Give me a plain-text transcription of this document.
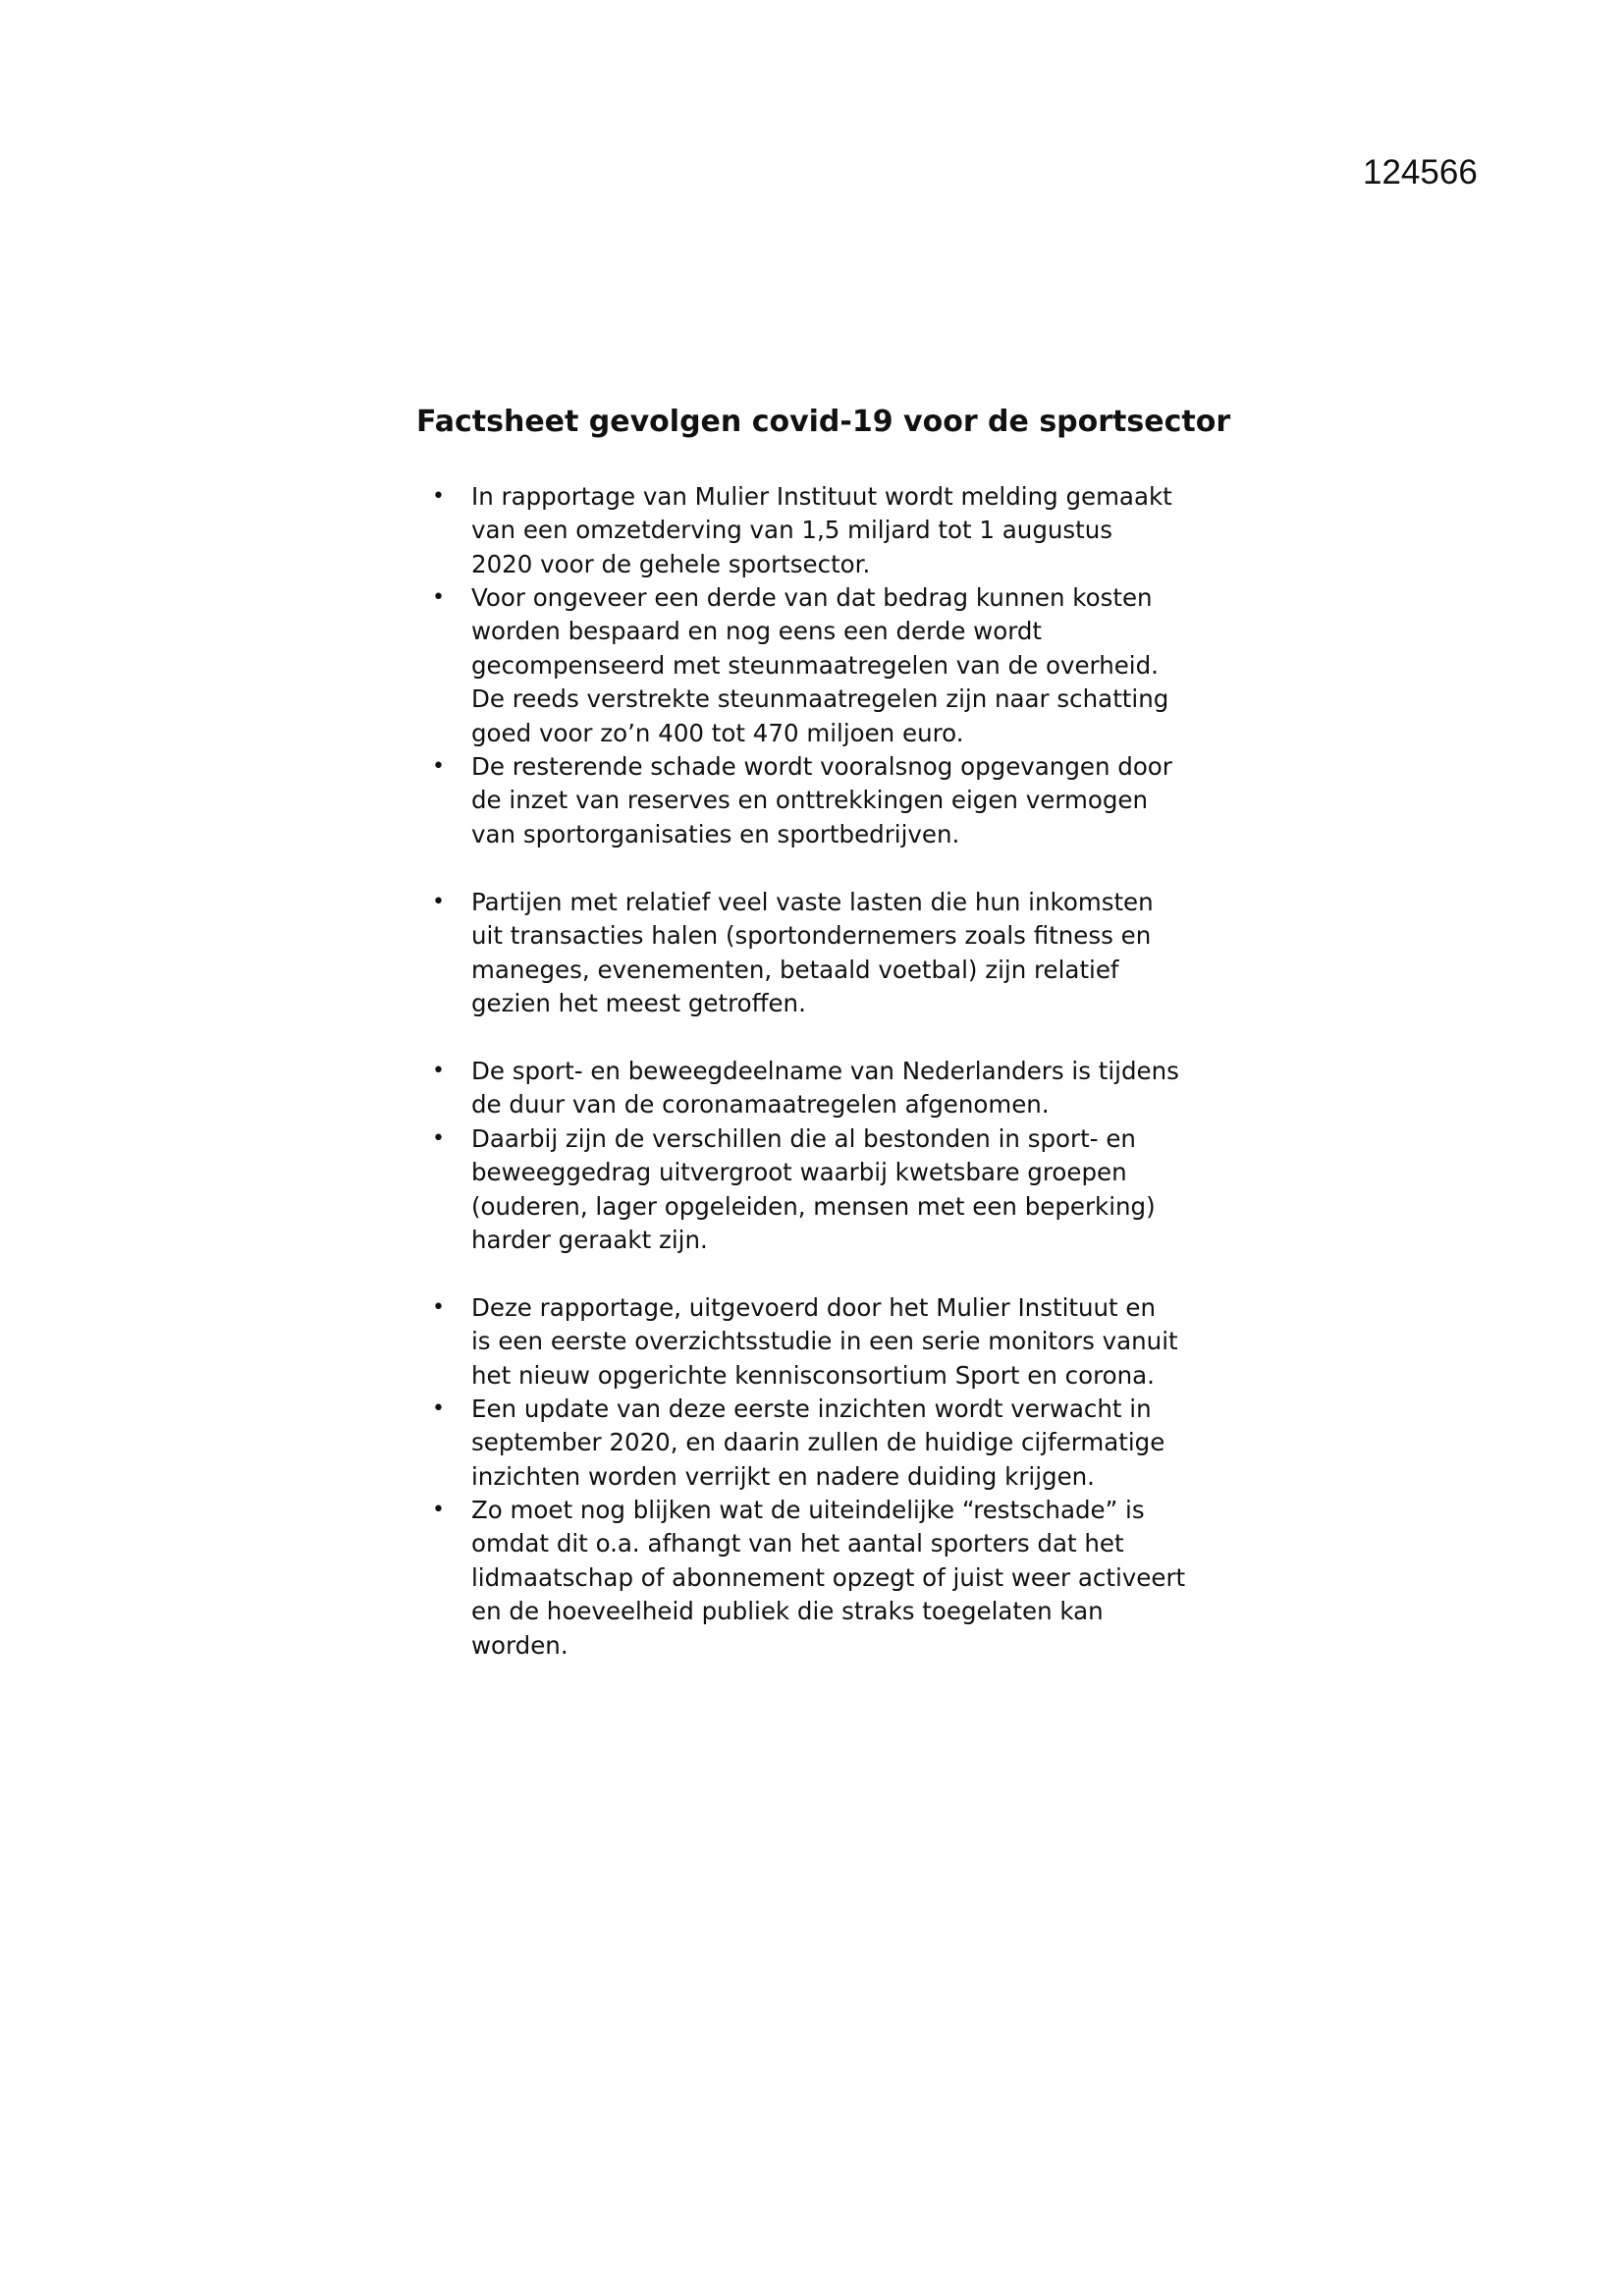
124566
Factsheet gevolgen covid-19 voor de sportsector
•	In rapportage van Mulier Instituut wordt melding gemaakt
van een omzetderving van 1,5 miljard tot 1 augustus
2020 voor de gehele sportsector.
•	Voor ongeveer een derde van dat bedrag kunnen kosten
worden bespaard en nog eens een derde wordt
gecompenseerd met steunmaatregelen van de overheid.
De reeds verstrekte steunmaatregelen zijn naar schatting
goed voor zo’n 400 tot 470 miljoen euro.
•	De resterende schade wordt vooralsnog opgevangen door
de inzet van reserves en onttrekkingen eigen vermogen
van sportorganisaties en sportbedrijven.
•	Partijen met relatief veel vaste lasten die hun inkomsten
uit transacties halen (sportondernemers zoals fitness en
maneges, evenementen, betaald voetbal) zijn relatief
gezien het meest getroffen.
•	De sport- en beweegdeelname van Nederlanders is tijdens
de duur van de coronamaatregelen afgenomen.
•	Daarbij zijn de verschillen die al bestonden in sport- en
beweeggedrag uitvergroot waarbij kwetsbare groepen
(ouderen, lager opgeleiden, mensen met een beperking)
harder geraakt zijn.
•	Deze rapportage, uitgevoerd door het Mulier Instituut en
is een eerste overzichtsstudie in een serie monitors vanuit
het nieuw opgerichte kennisconsortium Sport en corona.
•	Een update van deze eerste inzichten wordt verwacht in
september 2020, en daarin zullen de huidige cijfermatige
inzichten worden verrijkt en nadere duiding krijgen.
•	Zo moet nog blijken wat de uiteindelijke “restschade” is
omdat dit o.a. afhangt van het aantal sporters dat het
lidmaatschap of abonnement opzegt of juist weer activeert
en de hoeveelheid publiek die straks toegelaten kan
worden.
